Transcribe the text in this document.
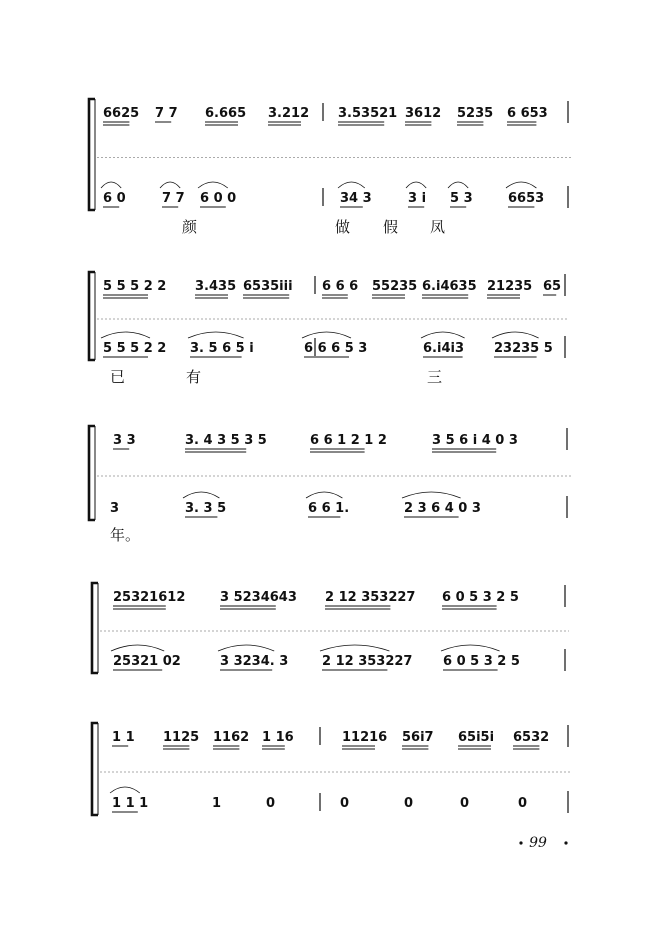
6625 7 7 6.665 3.212 3.53521 3612 5235 6 653
6 0	7 7 6 0 0	34 3	3 i 5 3	6653
颜	做 假 凤
5 5 5 2 2 3.435 6535iii 6 6 6 55235 6.i4635 21235 65
5 5 5 2 2 3. 5 6 5 i	6 6 6 5 3	6.i4i3 23235 5
已	有	三
3 3	3. 4 3 5 3 5	6 6 1 2 1 2	3 5 6 i 4 0 3
3	3. 3 5	6 6 1.	2 3 6 4 0 3
年。
25321612	3 5234643 2 12 353227 6 0 5 3 2 5
25321 02	3 3234. 3	2 12 353227 6 0 5 3 2 5
1 1 1125 1162 1 16	11216 56i7 65i5i 6532
1 1 1	1	0	0	0	0	0
99
